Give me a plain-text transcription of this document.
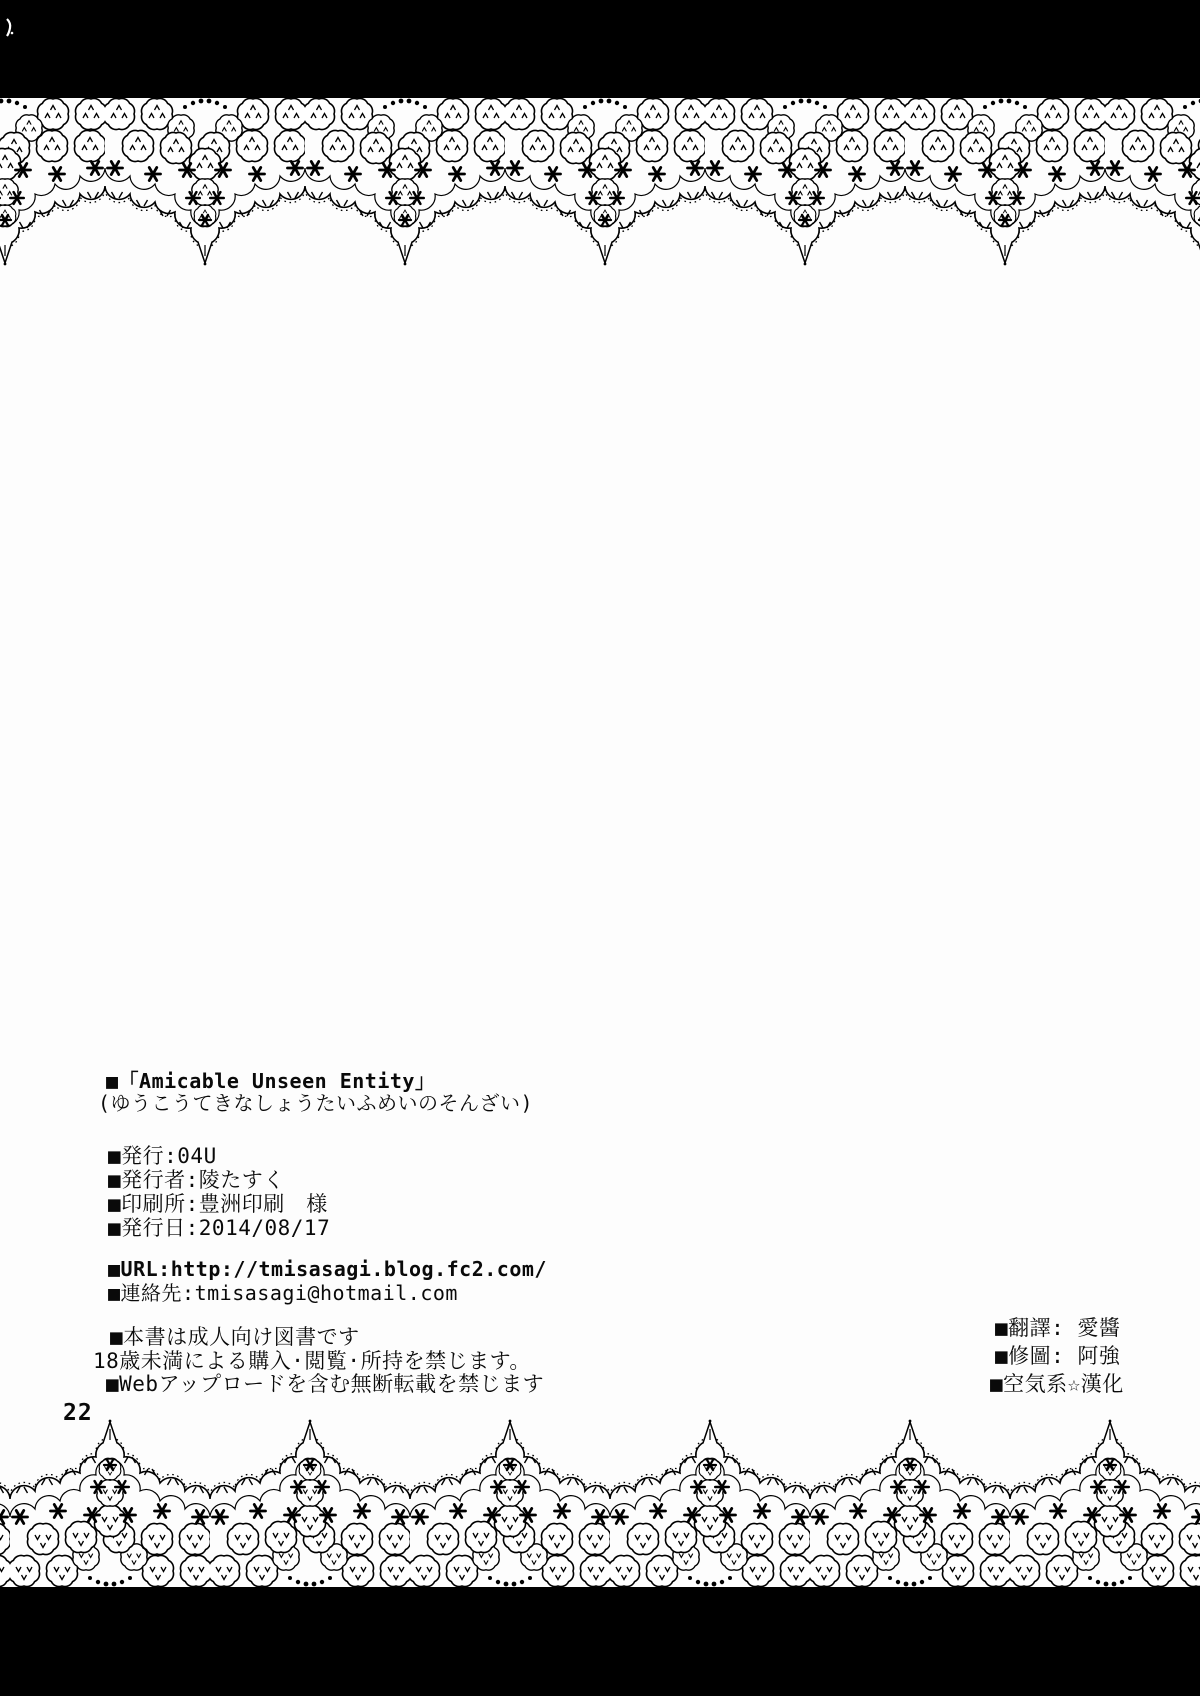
■「Amicable Unseen Entity」
(ゆうこうてきなしょうたいふめいのそんざい)
■発行:04U
■発行者:陵たすく
■印刷所:豊洲印刷　様
■発行日:2014/08/17
■URL:http://tmisasagi.blog.fc2.com/
■連絡先:tmisasagi@hotmail.com
■本書は成人向け図書です
18歳未満による購入·閲覧·所持を禁じます。
■Webアップロードを含む無断転載を禁じます
■翻譯: 愛醬
■修圖: 阿強
■空気系☆漢化
22
